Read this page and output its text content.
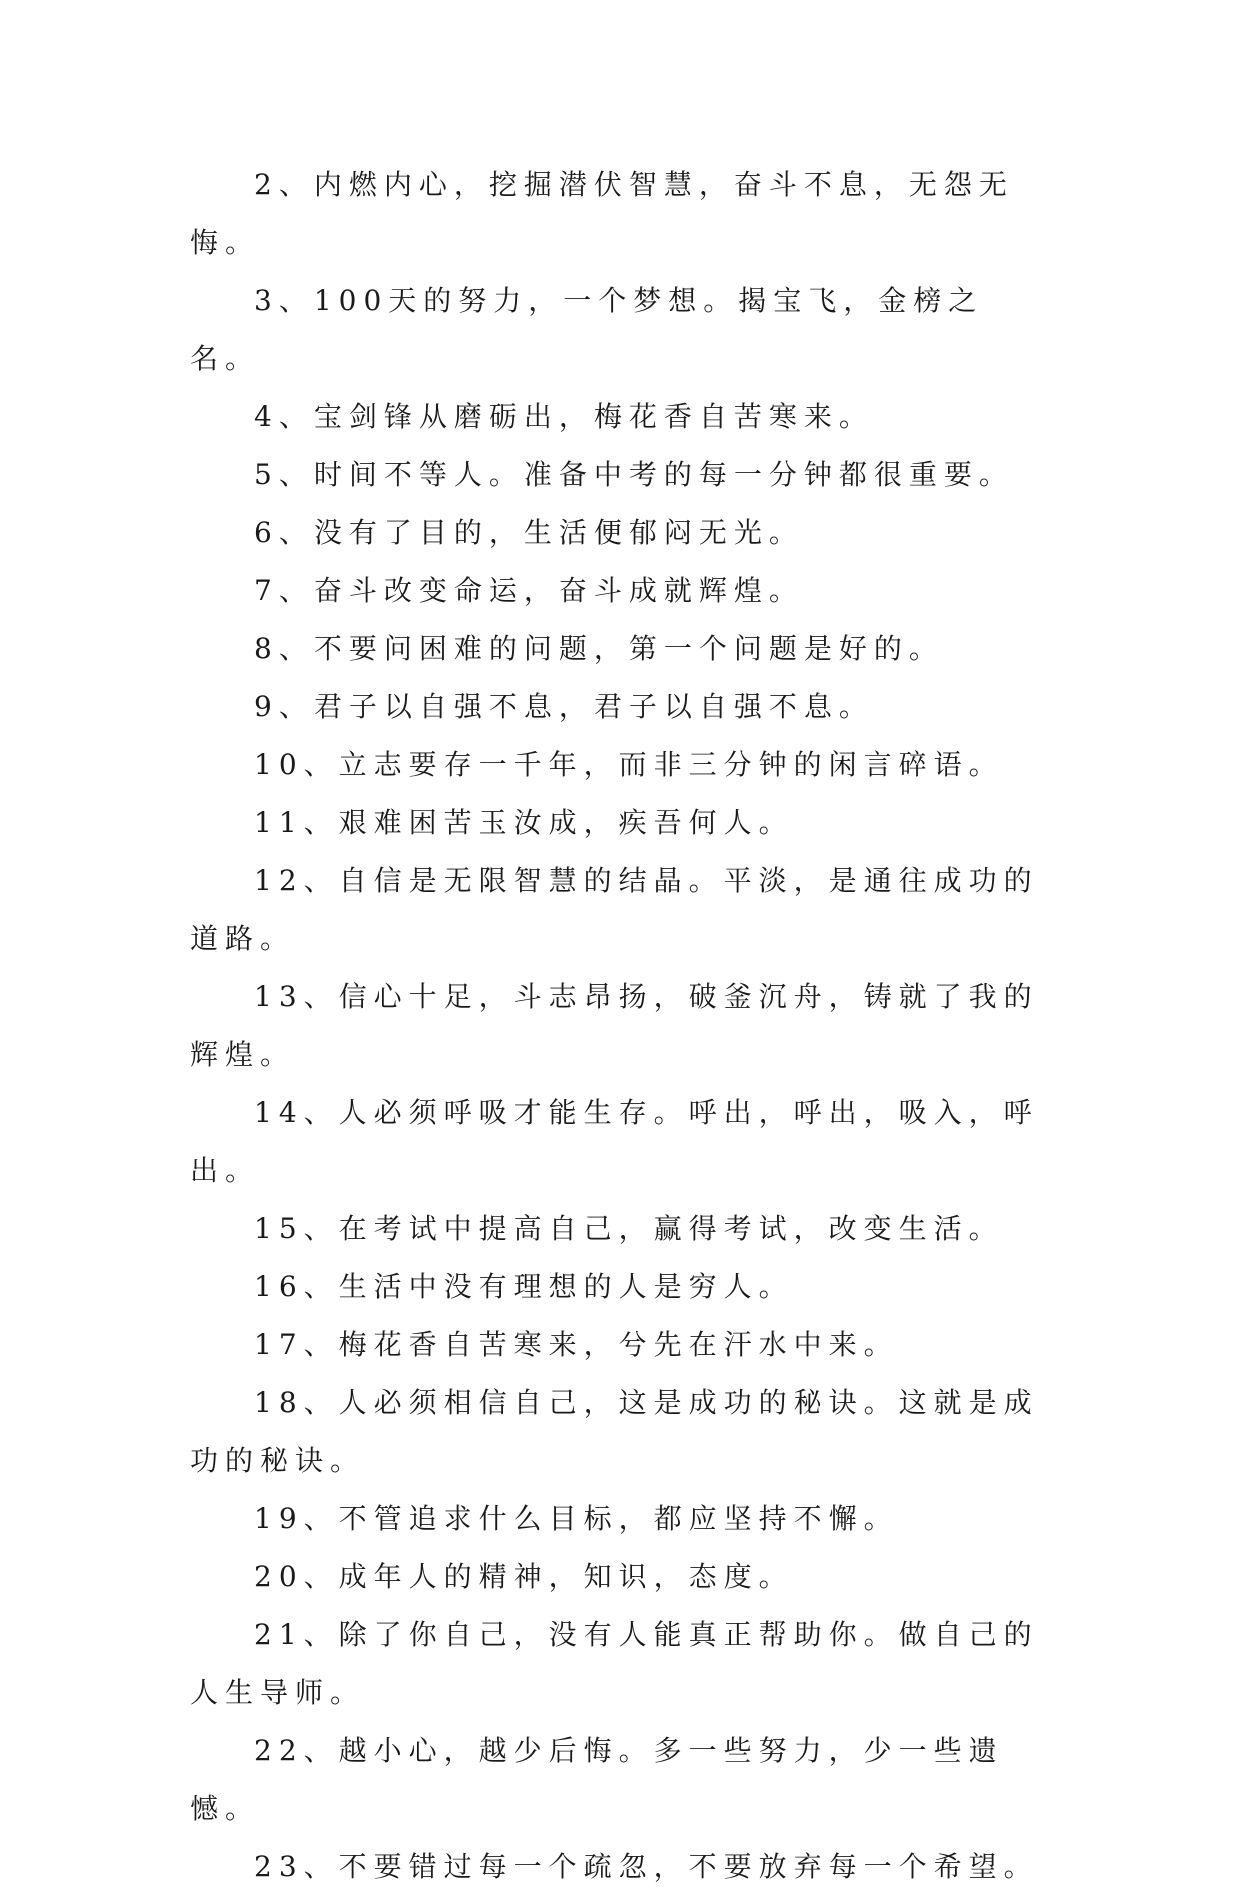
2、内燃内心，挖掘潜伏智慧，奋斗不息，无怨无悔。

3、100天的努力，一个梦想。揭宝飞，金榜之名。

4、宝剑锋从磨砺出，梅花香自苦寒来。

5、时间不等人。准备中考的每一分钟都很重要。

6、没有了目的，生活便郁闷无光。

7、奋斗改变命运，奋斗成就辉煌。

8、不要问困难的问题，第一个问题是好的。

9、君子以自强不息，君子以自强不息。

10、立志要存一千年，而非三分钟的闲言碎语。

11、艰难困苦玉汝成，疾吾何人。

12、自信是无限智慧的结晶。平淡，是通往成功的道路。

13、信心十足，斗志昂扬，破釜沉舟，铸就了我的辉煌。

14、人必须呼吸才能生存。呼出，呼出，吸入，呼出。

15、在考试中提高自己，赢得考试，改变生活。

16、生活中没有理想的人是穷人。

17、梅花香自苦寒来，兮先在汗水中来。

18、人必须相信自己，这是成功的秘诀。这就是成功的秘诀。

19、不管追求什么目标，都应坚持不懈。

20、成年人的精神，知识，态度。

21、除了你自己，没有人能真正帮助你。做自己的人生导师。

22、越小心，越少后悔。多一些努力，少一些遗憾。

23、不要错过每一个疏忽，不要放弃每一个希望。
